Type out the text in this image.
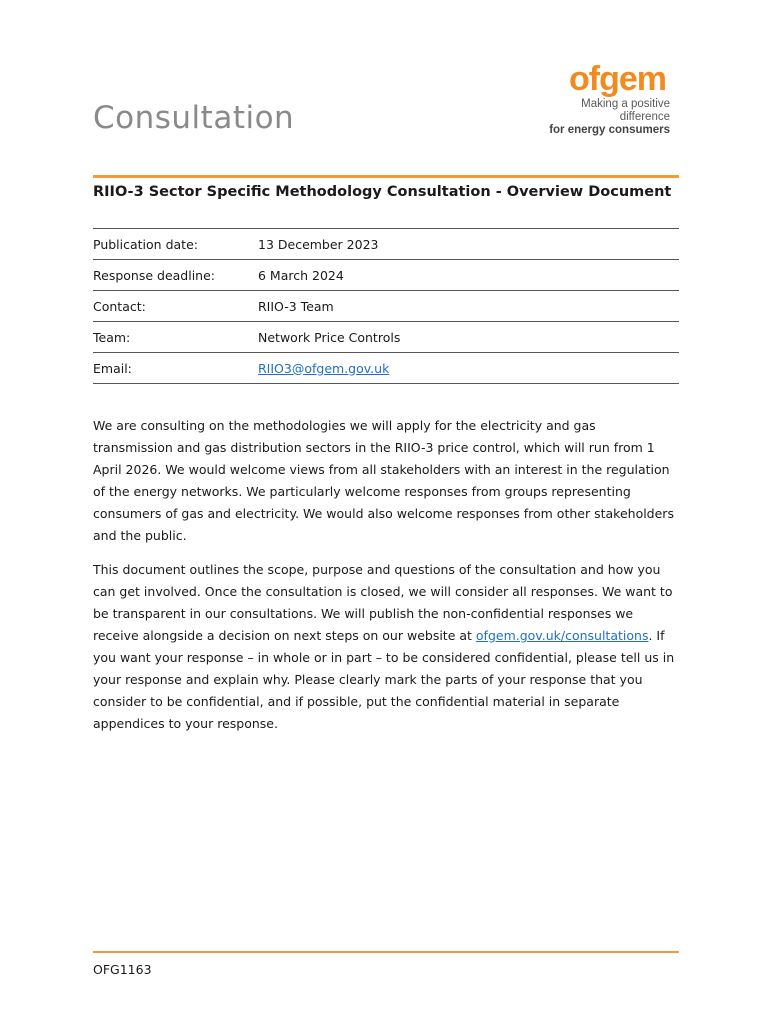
ofgem
Making a positive difference
for energy consumers
Consultation
RIIO-3 Sector Specific Methodology Consultation - Overview Document
Publication date:	13 December 2023
Response deadline:	6 March 2024
Contact:	RIIO-3 Team
Team:	Network Price Controls
Email:	RIIO3@ofgem.gov.uk

We are consulting on the methodologies we will apply for the electricity and gas transmission and gas distribution sectors in the RIIO-3 price control, which will run from 1 April 2026. We would welcome views from all stakeholders with an interest in the regulation of the energy networks. We particularly welcome responses from groups representing consumers of gas and electricity. We would also welcome responses from other stakeholders and the public.

This document outlines the scope, purpose and questions of the consultation and how you can get involved. Once the consultation is closed, we will consider all responses. We want to be transparent in our consultations. We will publish the non-confidential responses we receive alongside a decision on next steps on our website at ofgem.gov.uk/consultations. If you want your response – in whole or in part – to be considered confidential, please tell us in your response and explain why. Please clearly mark the parts of your response that you consider to be confidential, and if possible, put the confidential material in separate appendices to your response.

OFG1163
